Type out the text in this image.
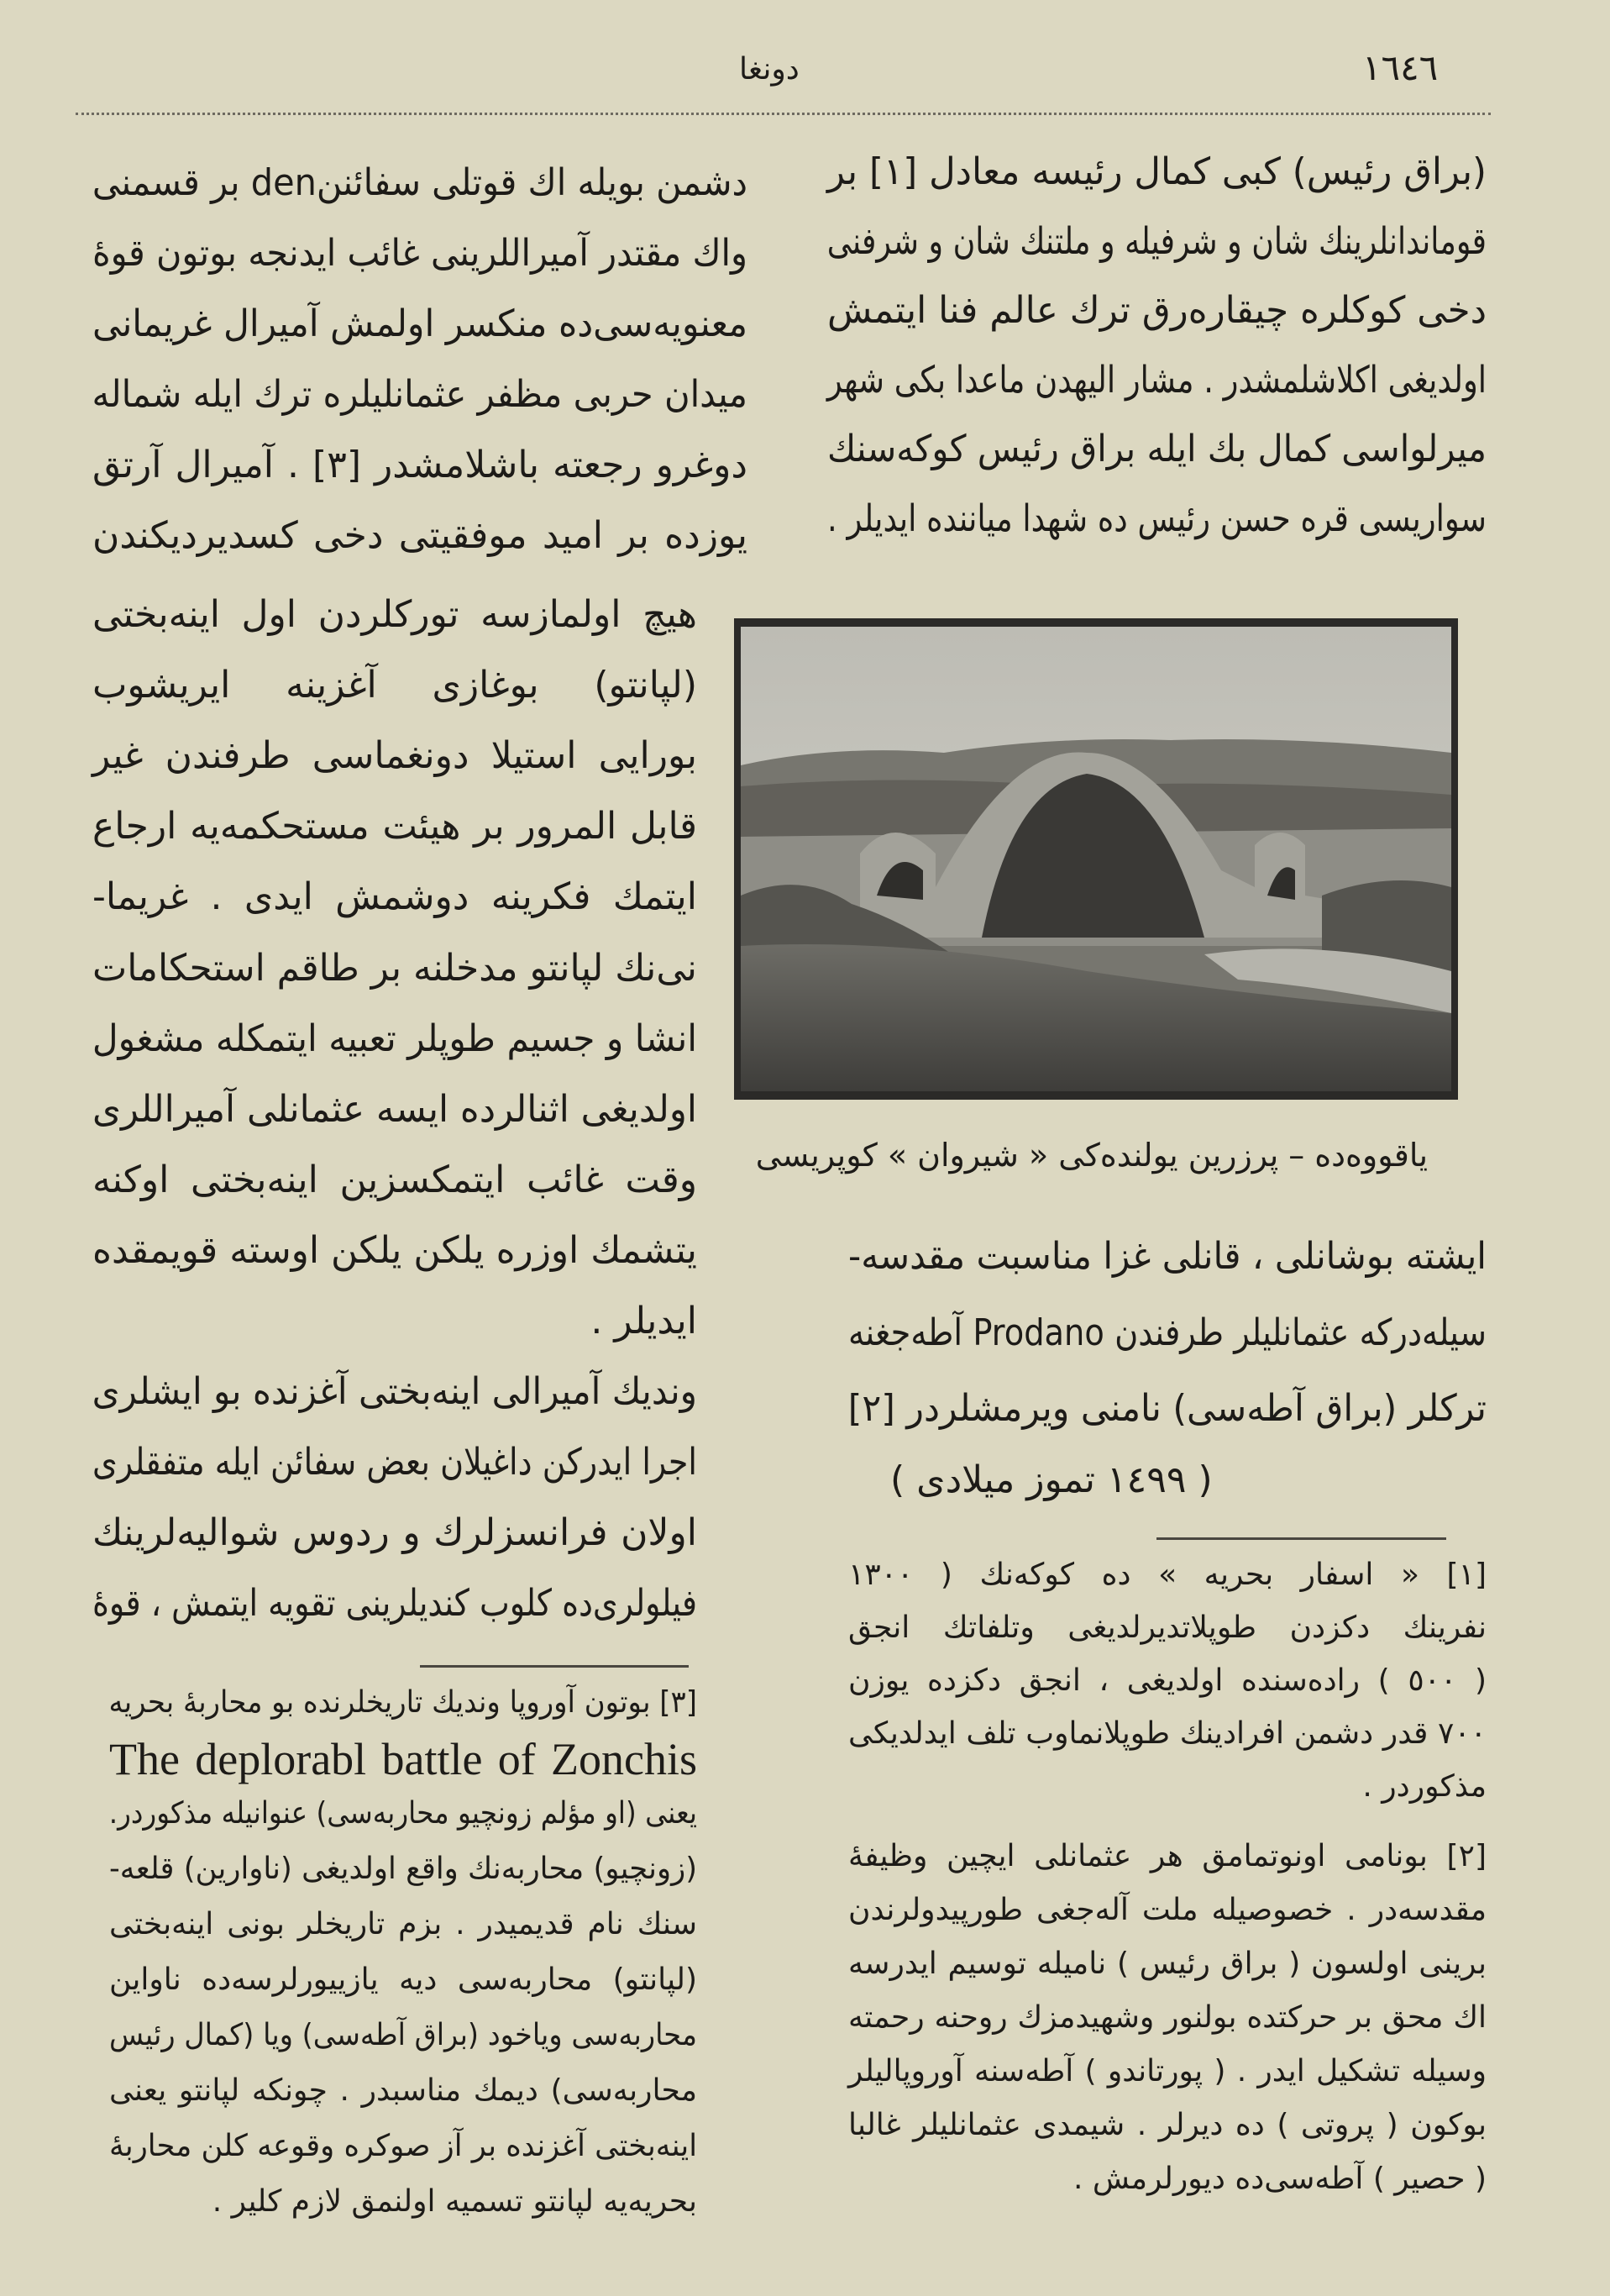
١٦٤٦
دونغا
دشمن بویله اك قوتلی سفائننden بر قسمنی
واك مقتدر آمیراللرینی غائب ایدنجه بوتون قوۀ
معنویه‌سی‌ده منكسر اولمش آمیرال غریمانی
میدان حربی مظفر عثمانلیلره ترك ایله شماله
دوغرو رجعته باشلامشدر [٣] . آمیرال آرتق
یوزده بر امید موفقیتی دخی كسدیردیكندن
هیچ اولمازسه توركلردن اول اینه‌بختی
(لپانتو) بوغازی آغزینه ایریشوب
بورایی استیلا دونغماسی طرفندن غیر
قابل المرور بر هیئت مستحكمه‌یه ارجاع
ایتمك فكرینه دوشمش ایدی . غریما-
نی‌نك لپانتو مدخلنه بر طاقم استحكامات
انشا و جسیم طوپلر تعبیه ایتمكله مشغول
اولدیغی اثنالرده ایسه عثمانلی آمیراللری
وقت غائب ایتمكسزین اینه‌بختی اوكنه
یتشمك اوزره یلكن یلكن اوسته قویمقده
ایدیلر .
وندیك آمیرالی اینه‌بختی آغزنده بو ایشلری
اجرا ایدركن داغیلان بعض سفائن ایله متفقلری
اولان فرانسزلرك و ردوس شوالیه‌لرینك
فیلولری‌ده كلوب كندیلرینی تقویه ایتمش ، قوۀ
[٣] بوتون آوروپا وندیك تاریخلرنده بو محاربۀ بحریه
The deplorabl battle of Zonchis
یعنی (او مؤلم زونچیو محاربه‌سی) عنوانیله مذكوردر.
(زونچیو) محاربه‌نك واقع اولدیغی (ناوارین) قلعه-
سنك نام قدیمیدر . بزم تاریخلر بونی اینه‌بختی
(لپانتو) محاربه‌سی دیه یازییورلرسه‌ده ناواین
محاربه‌سی ویاخود (براق آطه‌سی) ویا (كمال رئیس
محاربه‌سی) دیمك مناسبدر . چونكه لپانتو یعنی
اینه‌بختی آغزنده بر آز صوكره وقوعه كلن محاربۀ
بحریه‌یه لپانتو تسمیه اولنمق لازم كلیر .
(براق رئیس) كبی كمال رئیسه معادل [١] بر
قوماندانلرینك شان و شرفیله و ملتنك شان و شرفنی
دخی كوكلره چیقاره‌رق ترك عالم فنا ایتمش
اولدیغی اكلاشلمشدر . مشار الیهدن ماعدا بكی شهر
میرلواسی كمال بك ایله براق رئیس كوكه‌سنك
سواریسی قره حسن رئیس ده شهدا میاننده ایدیلر .
یاقووه‌ده – پرزرین یولنده‌كی « شیروان » كوپریسی
ایشته بوشانلی ، قانلی غزا مناسبت مقدسه-
سیله‌دركه عثمانلیلر طرفندن Prodano آطه‌جغنه
تركلر (براق آطه‌سی) نامنی ویرمشلردر [٢]
[١] « اسفار بحریه » ده كوكه‌نك ( ١٣٠٠
نفرینك دكزدن طوپلاتدیرلدیغی وتلفاتك انجق
( ٥٠٠ ) راده‌سنده اولدیغی ، انجق دكزده یوزن
٧٠٠ قدر دشمن افرادینك طوپلانماوب تلف ایدلدیكی
مذكوردر .
[٢] بونامی اونوتمامق هر عثمانلی ایچین وظیفۀ
مقدسه‌در . خصوصیله ملت آله‌جغی طورپیدولرندن
برینی اولسون ( براق رئیس ) نامیله توسیم ایدرسه
اك محق بر حركتده بولنور وشهیدمزك روحنه رحمته
وسیله تشكیل ایدر . ( پورتاندو ) آطه‌سنه آوروپالیلر
بوكون ( پروتی ) ده دیرلر . شیمدی عثمانلیلر غالبا
( حصیر ) آطه‌سی‌ده دیورلرمش .
( ١٤٩٩ تموز میلادی )
